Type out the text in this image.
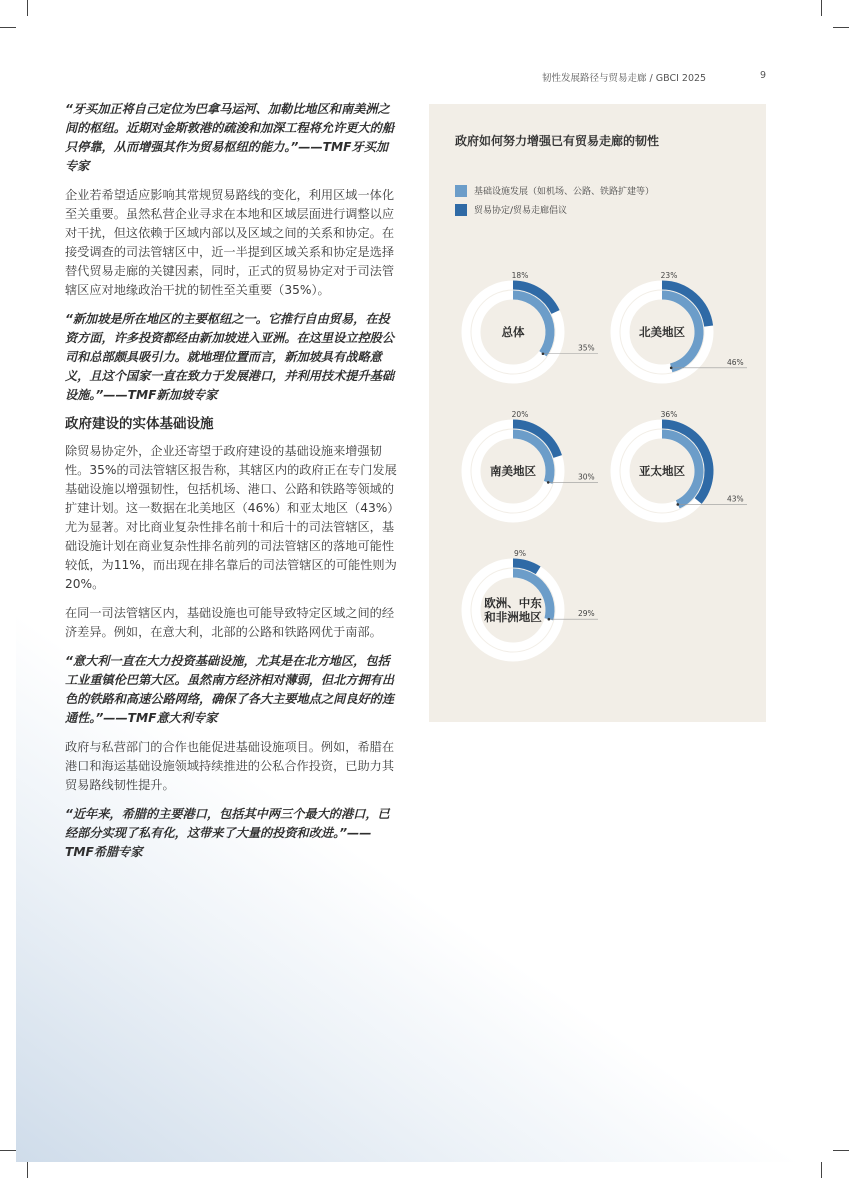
韧性发展路径与贸易走廊 / GBCI 2025	9

“牙买加正将自己定位为巴拿马运河、加勒比地区和南美洲之间的枢纽。近期对金斯敦港的疏浚和加深工程将允许更大的船只停靠，从而增强其作为贸易枢纽的能力。”——TMF牙买加专家

企业若希望适应影响其常规贸易路线的变化，利用区域一体化至关重要。虽然私营企业寻求在本地和区域层面进行调整以应对干扰，但这依赖于区域内部以及区域之间的关系和协定。在接受调查的司法管辖区中，近一半提到区域关系和协定是选择替代贸易走廊的关键因素，同时，正式的贸易协定对于司法管辖区应对地缘政治干扰的韧性至关重要（35%）。

“新加坡是所在地区的主要枢纽之一。它推行自由贸易，在投资方面，许多投资都经由新加坡进入亚洲。在这里设立控股公司和总部颇具吸引力。就地理位置而言，新加坡具有战略意义，且这个国家一直在致力于发展港口，并利用技术提升基础设施。”——TMF新加坡专家

政府建设的实体基础设施

除贸易协定外，企业还寄望于政府建设的基础设施来增强韧性。35%的司法管辖区报告称，其辖区内的政府正在专门发展基础设施以增强韧性，包括机场、港口、公路和铁路等领域的扩建计划。这一数据在北美地区（46%）和亚太地区（43%）尤为显著。对比商业复杂性排名前十和后十的司法管辖区，基础设施计划在商业复杂性排名前列的司法管辖区的落地可能性较低，为11%，而出现在排名靠后的司法管辖区的可能性则为20%。

在同一司法管辖区内，基础设施也可能导致特定区域之间的经济差异。例如，在意大利，北部的公路和铁路网优于南部。

“意大利一直在大力投资基础设施，尤其是在北方地区，包括工业重镇伦巴第大区。虽然南方经济相对薄弱，但北方拥有出色的铁路和高速公路网络，确保了各大主要地点之间良好的连通性。”——TMF意大利专家

政府与私营部门的合作也能促进基础设施项目。例如，希腊在港口和海运基础设施领域持续推进的公私合作投资，已助力其贸易路线韧性提升。

“近年来，希腊的主要港口，包括其中两三个最大的港口，已经部分实现了私有化，这带来了大量的投资和改进。”——TMF希腊专家

政府如何努力增强已有贸易走廊的韧性
基础设施发展（如机场、公路、铁路扩建等）
贸易协定/贸易走廊倡议
总体
18%
35%
北美地区
23%
46%
南美地区
20%
30%	亚太地区
36%
43%
欧洲、中东
和非洲地区
9%
29%
